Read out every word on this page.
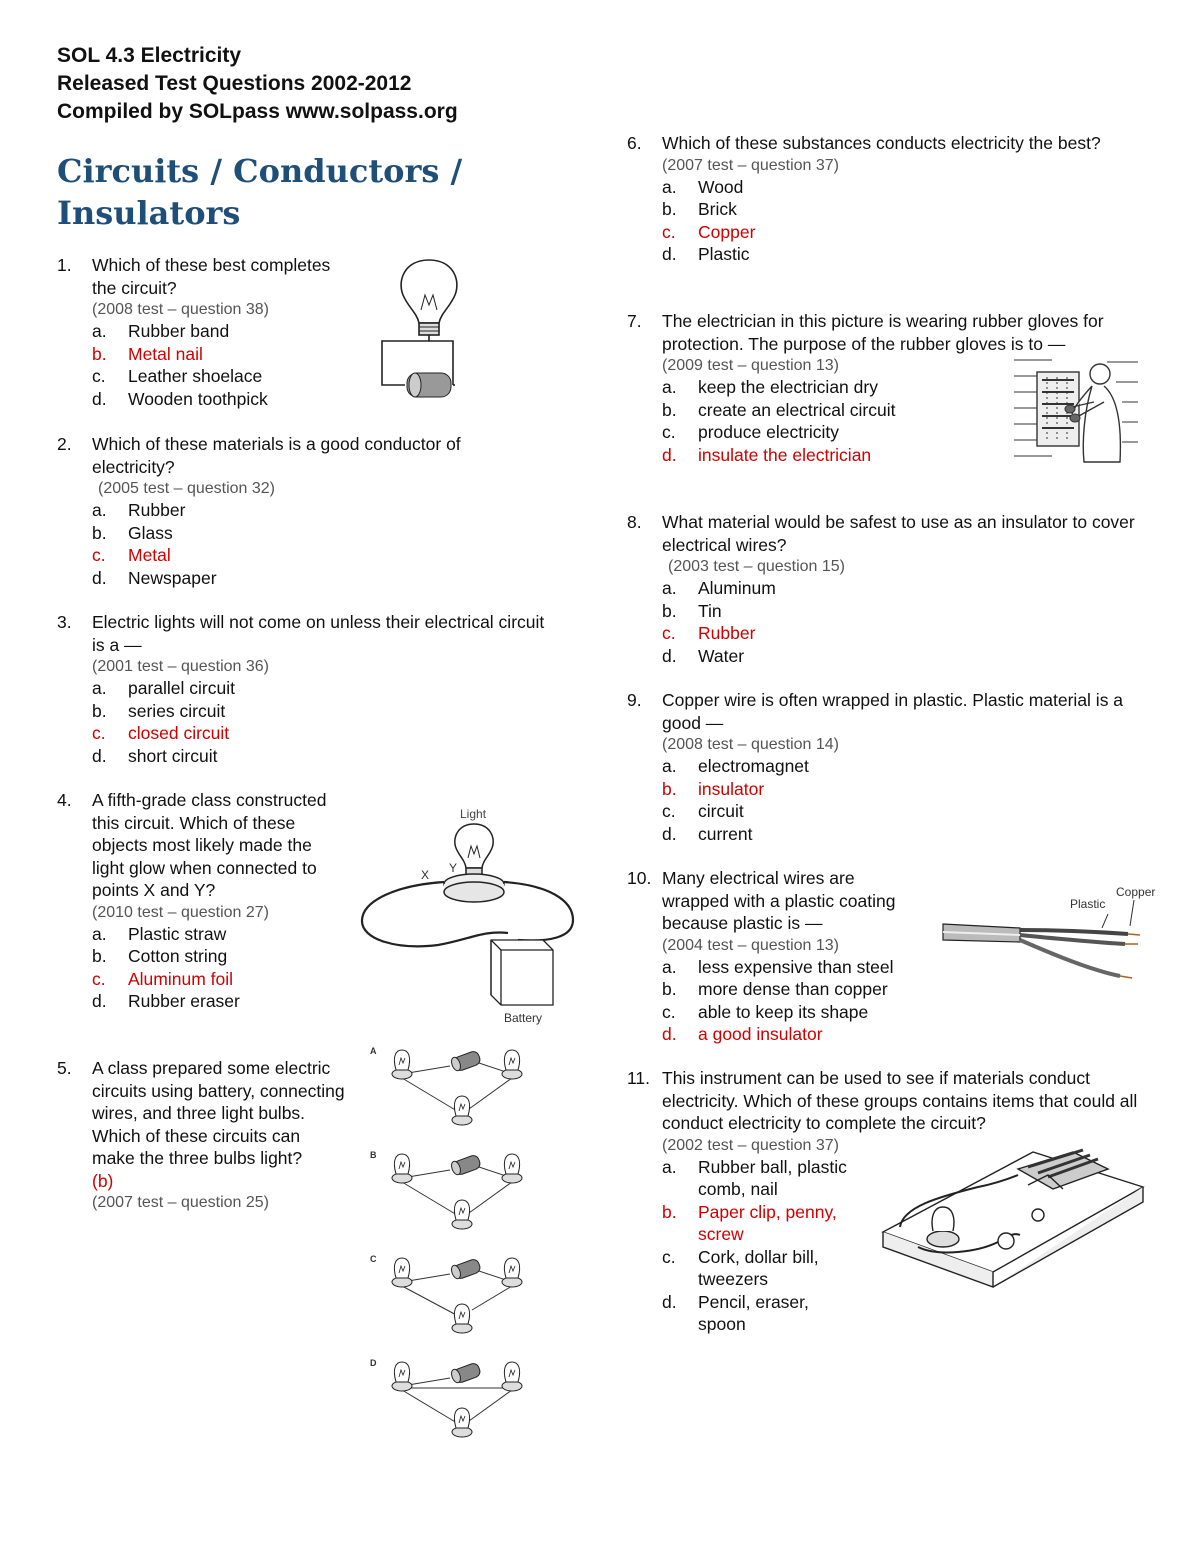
SOL 4.3 Electricity
Released Test Questions 2002-2012
Compiled by SOLpass www.solpass.org
Circuits / Conductors / Insulators
1. Which of these best completes the circuit?
(2008 test – question 38)
a. Rubber band
b. Metal nail
c. Leather shoelace
d. Wooden toothpick
2. Which of these materials is a good conductor of electricity?
(2005 test – question 32)
a. Rubber
b. Glass
c. Metal
d. Newspaper
3. Electric lights will not come on unless their electrical circuit is a —
(2001 test – question 36)
a. parallel circuit
b. series circuit
c. closed circuit
d. short circuit
4. A fifth-grade class constructed this circuit. Which of these objects most likely made the light glow when connected to points X and Y?
(2010 test – question 27)
a. Plastic straw
b. Cotton string
c. Aluminum foil
d. Rubber eraser
Light
X Y
Battery
5. A class prepared some electric circuits using battery, connecting wires, and three light bulbs. Which of these circuits can make the three bulbs light?
(b)
(2007 test – question 25)
A
B
C
D
6. Which of these substances conducts electricity the best?
(2007 test – question 37)
a. Wood
b. Brick
c. Copper
d. Plastic
7. The electrician in this picture is wearing rubber gloves for protection. The purpose of the rubber gloves is to —
(2009 test – question 13)
a. keep the electrician dry
b. create an electrical circuit
c. produce electricity
d. insulate the electrician
8. What material would be safest to use as an insulator to cover electrical wires?
(2003 test – question 15)
a. Aluminum
b. Tin
c. Rubber
d. Water
9. Copper wire is often wrapped in plastic. Plastic material is a good —
(2008 test – question 14)
a. electromagnet
b. insulator
c. circuit
d. current
10. Many electrical wires are wrapped with a plastic coating because plastic is —
(2004 test – question 13)
a. less expensive than steel
b. more dense than copper
c. able to keep its shape
d. a good insulator
Plastic
Copper
11. This instrument can be used to see if materials conduct electricity. Which of these groups contains items that could all conduct electricity to complete the circuit?
(2002 test – question 37)
a. Rubber ball, plastic comb, nail
b. Paper clip, penny, screw
c. Cork, dollar bill, tweezers
d. Pencil, eraser, spoon
